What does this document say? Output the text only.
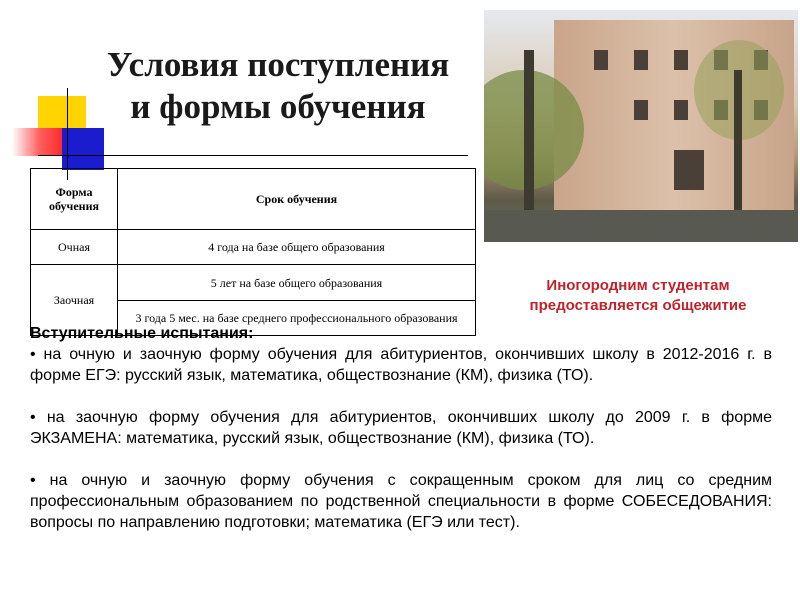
Условия поступления
и формы обучения
Форма обучения	Срок обучения
Очная	4 года на базе общего образования
Заочная	5 лет на базе общего образования
	3 года 5 мес. на базе среднего профессионального образования
Иногородним студентам
предоставляется общежитие

Вступительные испытания:

• на очную и заочную форму обучения для абитуриентов, окончивших школу в 2012-2016 г. в форме ЕГЭ: русский язык, математика, обществознание (КМ), физика (ТО).

• на заочную форму обучения для абитуриентов, окончивших школу до 2009 г. в форме ЭКЗАМЕНА: математика, русский язык, обществознание (КМ), физика (ТО).

• на очную и заочную форму обучения с сокращенным сроком для лиц со средним профессиональным образованием по родственной специальности в форме СОБЕСЕДОВАНИЯ: вопросы по направлению подготовки; математика (ЕГЭ или тест).
